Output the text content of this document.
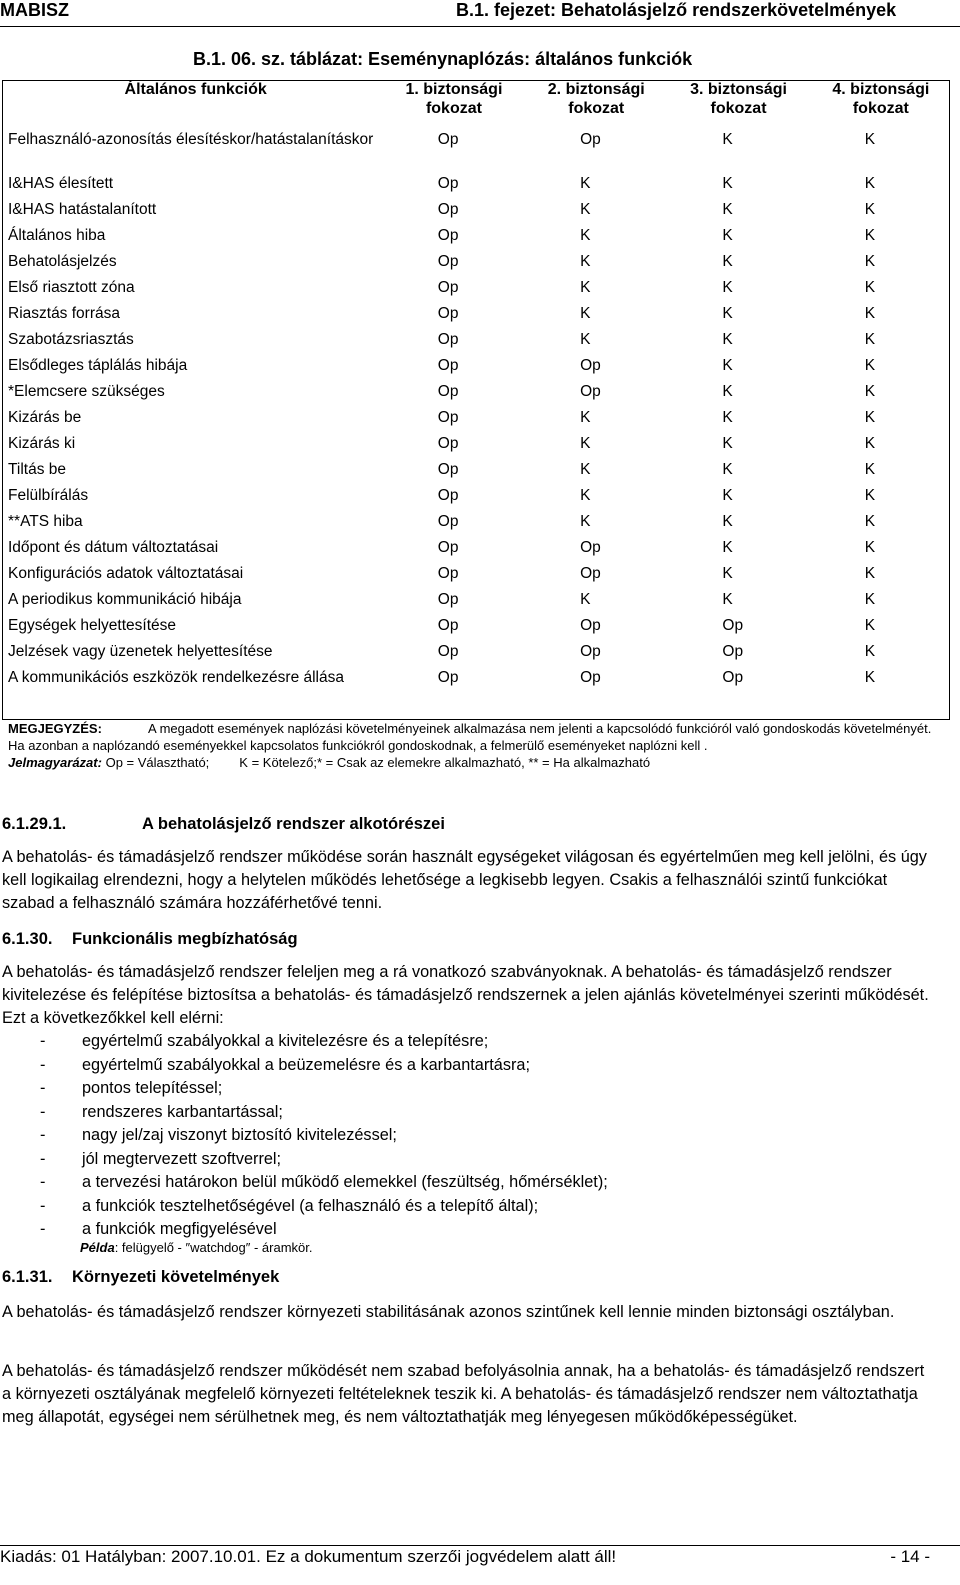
MABISZ	B.1. fejezet: Behatolásjelző rendszerkövetelmények
B.1. 06. sz. táblázat: Eseménynaplózás: általános funkciók
Általános funkciók	1. biztonsági fokozat	2. biztonsági fokozat	3. biztonsági fokozat	4. biztonsági fokozat
Felhasználó-azonosítás élesítéskor/hatástalanításkor	Op	Op	K	K
I&HAS élesített	Op	K	K	K
I&HAS hatástalanított	Op	K	K	K
Általános hiba	Op	K	K	K
Behatolásjelzés	Op	K	K	K
Első riasztott zóna	Op	K	K	K
Riasztás forrása	Op	K	K	K
Szabotázsriasztás	Op	K	K	K
Elsődleges táplálás hibája	Op	Op	K	K
*Elemcsere szükséges	Op	Op	K	K
Kizárás be	Op	K	K	K
Kizárás ki	Op	K	K	K
Tiltás be	Op	K	K	K
Felülbírálás	Op	K	K	K
**ATS hiba	Op	K	K	K
Időpont és dátum változtatásai	Op	Op	K	K
Konfigurációs adatok változtatásai	Op	Op	K	K
A periodikus kommunikáció hibája	Op	K	K	K
Egységek helyettesítése	Op	Op	Op	K
Jelzések vagy üzenetek helyettesítése	Op	Op	Op	K
A kommunikációs eszközök rendelkezésre állása	Op	Op	Op	K
MEGJEGYZÉS:	A megadott események naplózási követelményeinek alkalmazása nem jelenti a kapcsolódó funkcióról való gondoskodás követelményét. Ha azonban a naplózandó eseményekkel kapcsolatos funkciókról gondoskodnak, a felmerülő eseményeket naplózni kell .
Jelmagyarázat: Op = Választható; K = Kötelező;* = Csak az elemekre alkalmazható, ** = Ha alkalmazható
6.1.29.1.	A behatolásjelző rendszer alkotórészei
A behatolás- és támadásjelző rendszer működése során használt egységeket világosan és egyértelműen meg kell jelölni, és úgy kell logikailag elrendezni, hogy a helytelen működés lehetősége a legkisebb legyen. Csakis a felhasználói szintű funkciókat szabad a felhasználó számára hozzáférhetővé tenni.
6.1.30. Funkcionális megbízhatóság
A behatolás- és támadásjelző rendszer feleljen meg a rá vonatkozó szabványoknak. A behatolás- és támadásjelző rendszer kivitelezése és felépítése biztosítsa a behatolás- és támadásjelző rendszernek a jelen ajánlás követelményei szerinti működését. Ezt a következőkkel kell elérni:
- egyértelmű szabályokkal a kivitelezésre és a telepítésre;
- egyértelmű szabályokkal a beüzemelésre és a karbantartásra;
- pontos telepítéssel;
- rendszeres karbantartással;
- nagy jel/zaj viszonyt biztosító kivitelezéssel;
- jól megtervezett szoftverrel;
- a tervezési határokon belül működő elemekkel (feszültség, hőmérséklet);
- a funkciók tesztelhetőségével (a felhasználó és a telepítő által);
- a funkciók megfigyelésével
Példa: felügyelő - ″watchdog″ - áramkör.
6.1.31. Környezeti követelmények
A behatolás- és támadásjelző rendszer környezeti stabilitásának azonos szintűnek kell lennie minden biztonsági osztályban.
A behatolás- és támadásjelző rendszer működését nem szabad befolyásolnia annak, ha a behatolás- és támadásjelző rendszert a környezeti osztályának megfelelő környezeti feltételeknek teszik ki. A behatolás- és támadásjelző rendszer nem változtathatja meg állapotát, egységei nem sérülhetnek meg, és nem változtathatják meg lényegesen működőképességüket.
Kiadás: 01 Hatályban: 2007.10.01. Ez a dokumentum szerzői jogvédelem alatt áll!	- 14 -
